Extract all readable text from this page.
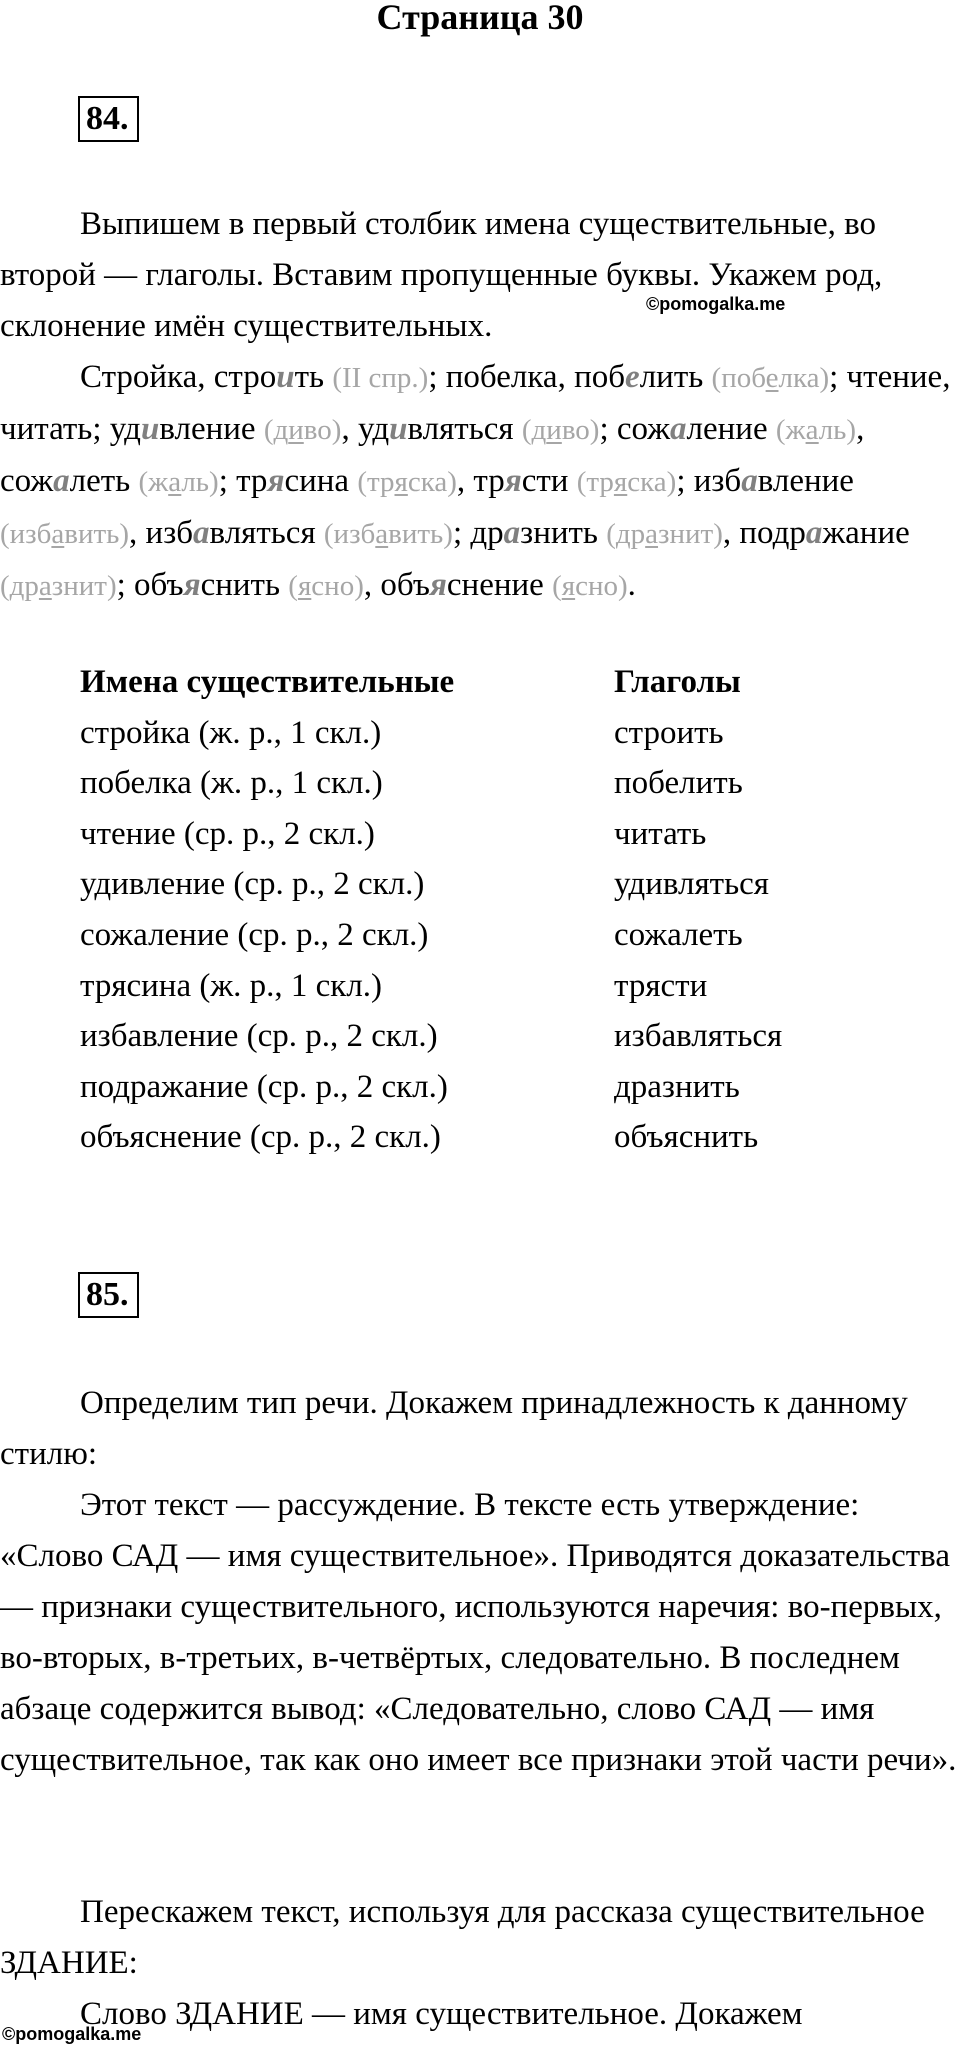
Страница 30
84.

Выпишем в первый столбик имена существительные, во второй — глаголы. Вставим пропущенные буквы. Укажем род, склонение имён существительных.

©pomogalka.me

Стройка, строить (II спр.); побелка, побелить (побелка); чтение, читать; удивление (диво), удивляться (диво); сожаление (жаль), сожалеть (жаль); трясина (тряска), трясти (тряска); избавление (избавить), избавляться (избавить); дразнить (дразнит), подражание (дразнит); объяснить (ясно), объяснение (ясно).

Имена существительные	Глаголы
стройка (ж. р., 1 скл.)	строить
побелка (ж. р., 1 скл.)	побелить
чтение (ср. р., 2 скл.)	читать
удивление (ср. р., 2 скл.)	удивляться
сожаление (ср. р., 2 скл.)	сожалеть
трясина (ж. р., 1 скл.)	трясти
избавление (ср. р., 2 скл.)	избавляться
подражание (ср. р., 2 скл.)	дразнить
объяснение (ср. р., 2 скл.)	объяснить
85.

Определим тип речи. Докажем принадлежность к данному стилю:

Этот текст — рассуждение. В тексте есть утверждение: «Слово САД — имя существительное». Приводятся доказательства — признаки существительного, используются наречия: во-первых, во-вторых, в-третьих, в-четвёртых, следовательно. В последнем абзаце содержится вывод: «Следовательно, слово САД — имя существительное, так как оно имеет все признаки этой части речи».

Перескажем текст, используя для рассказа существительное ЗДАНИЕ:

Слово ЗДАНИЕ — имя существительное. Докажем

©pomogalka.me
